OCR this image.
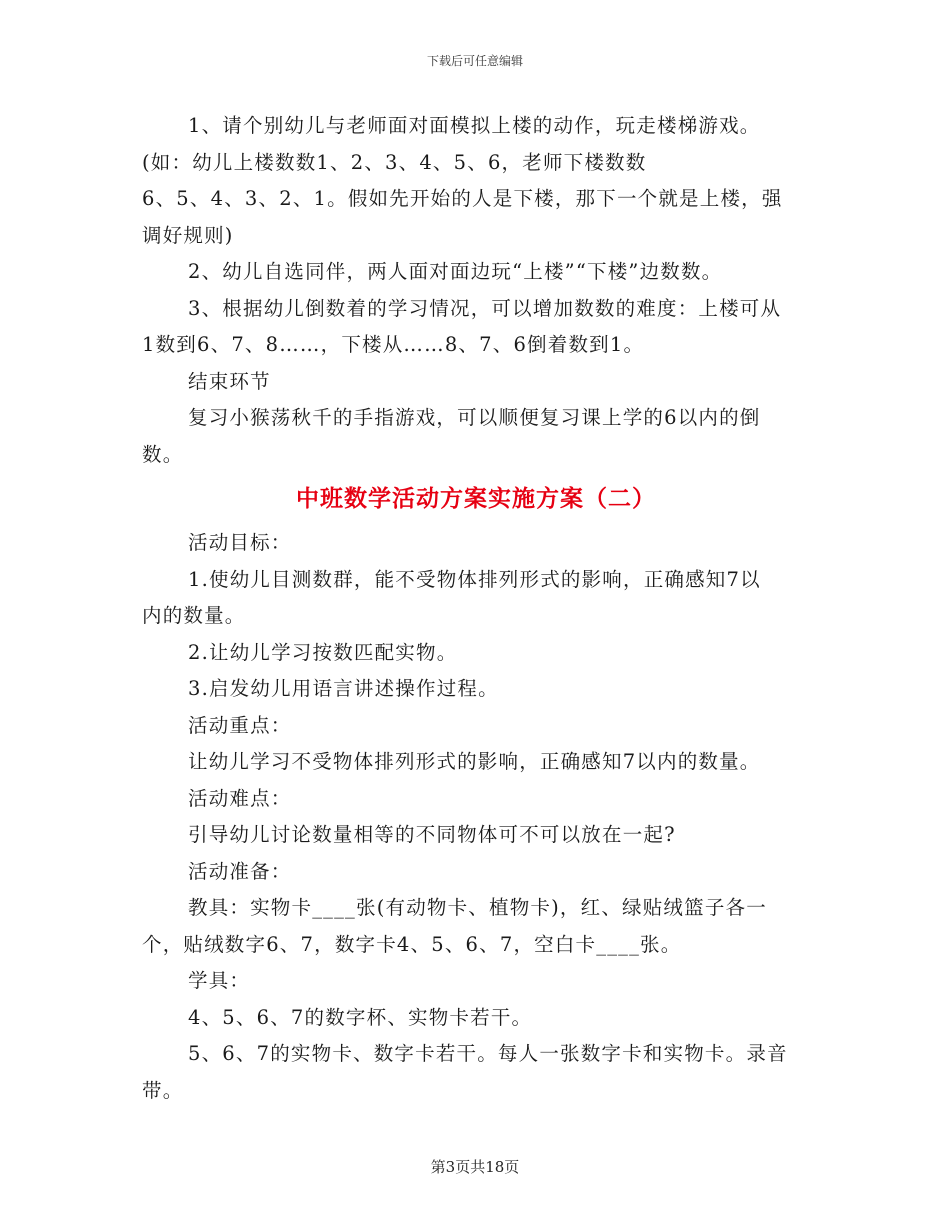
下载后可任意编辑
1、请个别幼儿与老师面对面模拟上楼的动作，玩走楼梯游戏。
(如：幼儿上楼数数1、2、3、4、5、6，老师下楼数数
6、5、4、3、2、1。假如先开始的人是下楼，那下一个就是上楼，强
调好规则)
2、幼儿自选同伴，两人面对面边玩“上楼”“下楼”边数数。
3、根据幼儿倒数着的学习情况，可以增加数数的难度：上楼可从
1数到6、7、8……，下楼从……8、7、6倒着数到1。
结束环节
复习小猴荡秋千的手指游戏，可以顺便复习课上学的6以内的倒
数。
中班数学活动方案实施方案（二）
活动目标：
1.使幼儿目测数群，能不受物体排列形式的影响，正确感知7以
内的数量。
2.让幼儿学习按数匹配实物。
3.启发幼儿用语言讲述操作过程。
活动重点：
让幼儿学习不受物体排列形式的影响，正确感知7以内的数量。
活动难点：
引导幼儿讨论数量相等的不同物体可不可以放在一起?
活动准备：
教具：实物卡____张(有动物卡、植物卡)，红、绿贴绒篮子各一
个，贴绒数字6、7，数字卡4、5、6、7，空白卡____张。
学具：
4、5、6、7的数字杯、实物卡若干。
5、6、7的实物卡、数字卡若干。每人一张数字卡和实物卡。录音
带。
第3页共18页
